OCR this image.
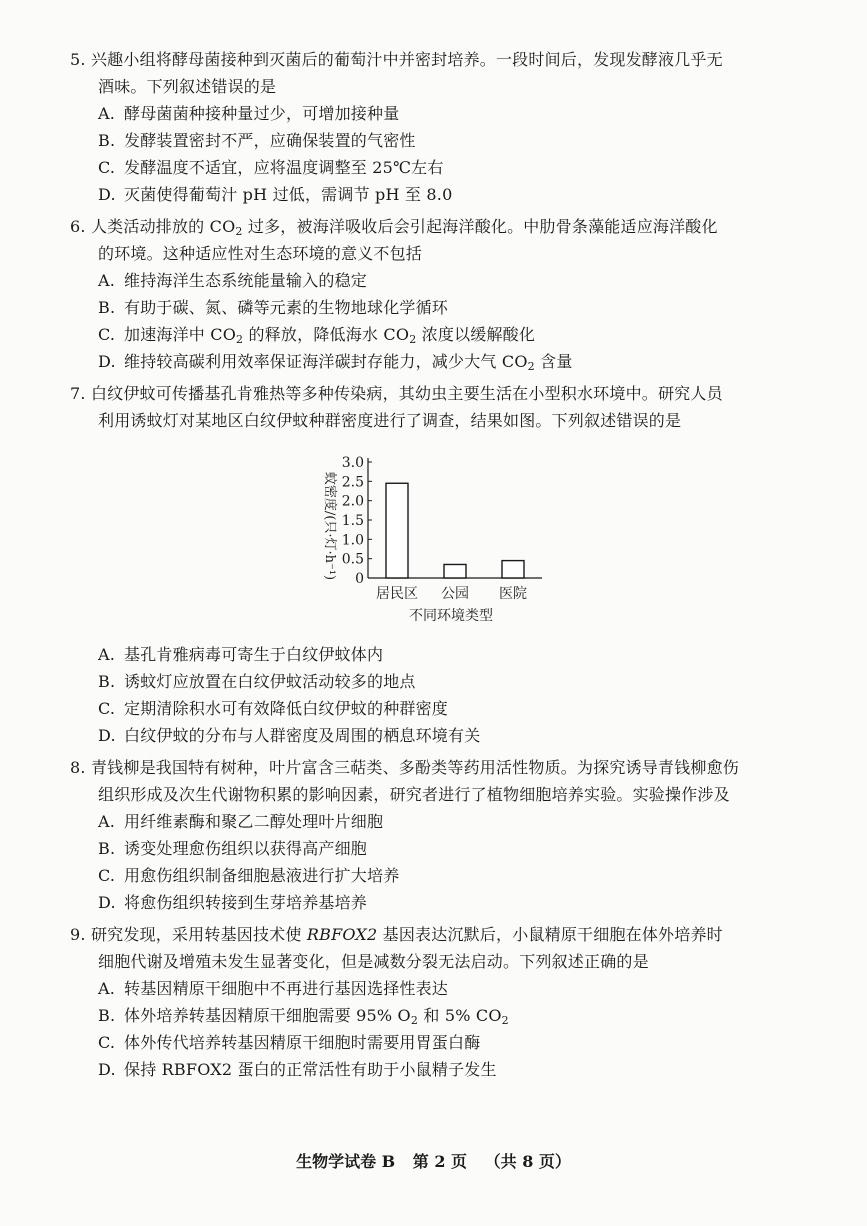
5. 兴趣小组将酵母菌接种到灭菌后的葡萄汁中并密封培养。一段时间后，发现发酵液几乎无
酒味。下列叙述错误的是
A. 酵母菌菌种接种量过少，可增加接种量
B. 发酵装置密封不严，应确保装置的气密性
C. 发酵温度不适宜，应将温度调整至 25℃左右
D. 灭菌使得葡萄汁 pH 过低，需调节 pH 至 8.0
6. 人类活动排放的 $CO_2$ 过多，被海洋吸收后会引起海洋酸化。中肋骨条藻能适应海洋酸化
的环境。这种适应性对生态环境的意义不包括
A. 维持海洋生态系统能量输入的稳定
B. 有助于碳、氮、磷等元素的生物地球化学循环
C. 加速海洋中 $CO_2$ 的释放，降低海水 $CO_2$ 浓度以缓解酸化
D. 维持较高碳利用效率保证海洋碳封存能力，减少大气 $CO_2$ 含量
7. 白纹伊蚊可传播基孔肯雅热等多种传染病，其幼虫主要生活在小型积水环境中。研究人员
利用诱蚊灯对某地区白纹伊蚊种群密度进行了调查，结果如图。下列叙述错误的是
0
0.5
1.0
1.5
2.0
2.5
3.0
居民区 公园 医院
不同环境类型
蚊密度/(只·灯·h⁻¹)
A. 基孔肯雅病毒可寄生于白纹伊蚊体内
B. 诱蚊灯应放置在白纹伊蚊活动较多的地点
C. 定期清除积水可有效降低白纹伊蚊的种群密度
D. 白纹伊蚊的分布与人群密度及周围的栖息环境有关
8. 青钱柳是我国特有树种，叶片富含三萜类、多酚类等药用活性物质。为探究诱导青钱柳愈伤
组织形成及次生代谢物积累的影响因素，研究者进行了植物细胞培养实验。实验操作涉及
A. 用纤维素酶和聚乙二醇处理叶片细胞
B. 诱变处理愈伤组织以获得高产细胞
C. 用愈伤组织制备细胞悬液进行扩大培养
D. 将愈伤组织转接到生芽培养基培养
9. 研究发现，采用转基因技术使 RBFOX2 基因表达沉默后，小鼠精原干细胞在体外培养时
细胞代谢及增殖未发生显著变化，但是减数分裂无法启动。下列叙述正确的是
A. 转基因精原干细胞中不再进行基因选择性表达
B. 体外培养转基因精原干细胞需要 95% $O_2$ 和 5% $CO_2$
C. 体外传代培养转基因精原干细胞时需要用胃蛋白酶
D. 保持 RBFOX2 蛋白的正常活性有助于小鼠精子发生
生物学试卷 B 第 2 页 （共 8 页）
